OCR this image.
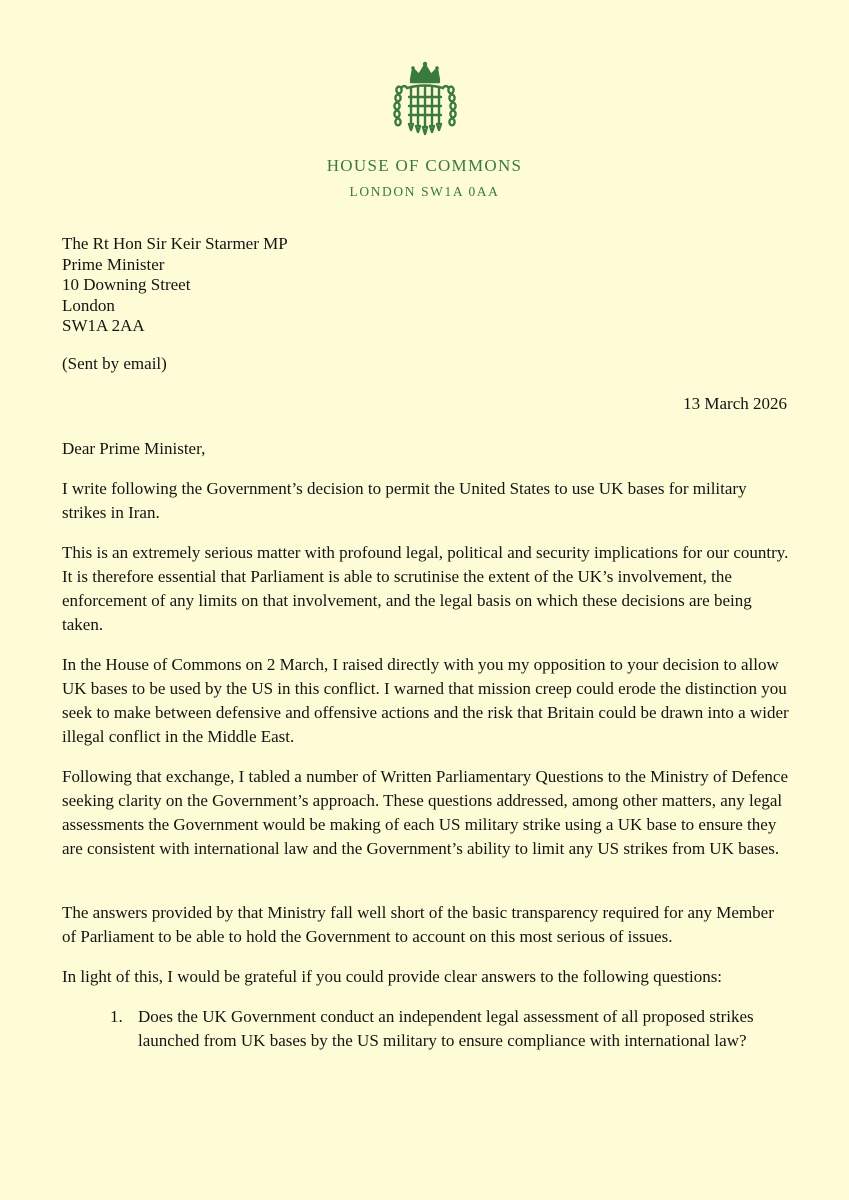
HOUSE OF COMMONS
LONDON SW1A 0AA
The Rt Hon Sir Keir Starmer MP
Prime Minister
10 Downing Street
London
SW1A 2AA
(Sent by email)
13 March 2026
Dear Prime Minister,

I write following the Government’s decision to permit the United States to use UK bases for military strikes in Iran.

This is an extremely serious matter with profound legal, political and security implications for our country. It is therefore essential that Parliament is able to scrutinise the extent of the UK’s involvement, the enforcement of any limits on that involvement, and the legal basis on which these decisions are being taken.

In the House of Commons on 2 March, I raised directly with you my opposition to your decision to allow UK bases to be used by the US in this conflict. I warned that mission creep could erode the distinction you seek to make between defensive and offensive actions and the risk that Britain could be drawn into a wider illegal conflict in the Middle East.

Following that exchange, I tabled a number of Written Parliamentary Questions to the Ministry of Defence seeking clarity on the Government’s approach. These questions addressed, among other matters, any legal assessments the Government would be making of each US military strike using a UK base to ensure they are consistent with international law and the Government’s ability to limit any US strikes from UK bases.

The answers provided by that Ministry fall well short of the basic transparency required for any Member of Parliament to be able to hold the Government to account on this most serious of issues.

In light of this, I would be grateful if you could provide clear answers to the following questions:

1. Does the UK Government conduct an independent legal assessment of all proposed strikes launched from UK bases by the US military to ensure compliance with international law?
